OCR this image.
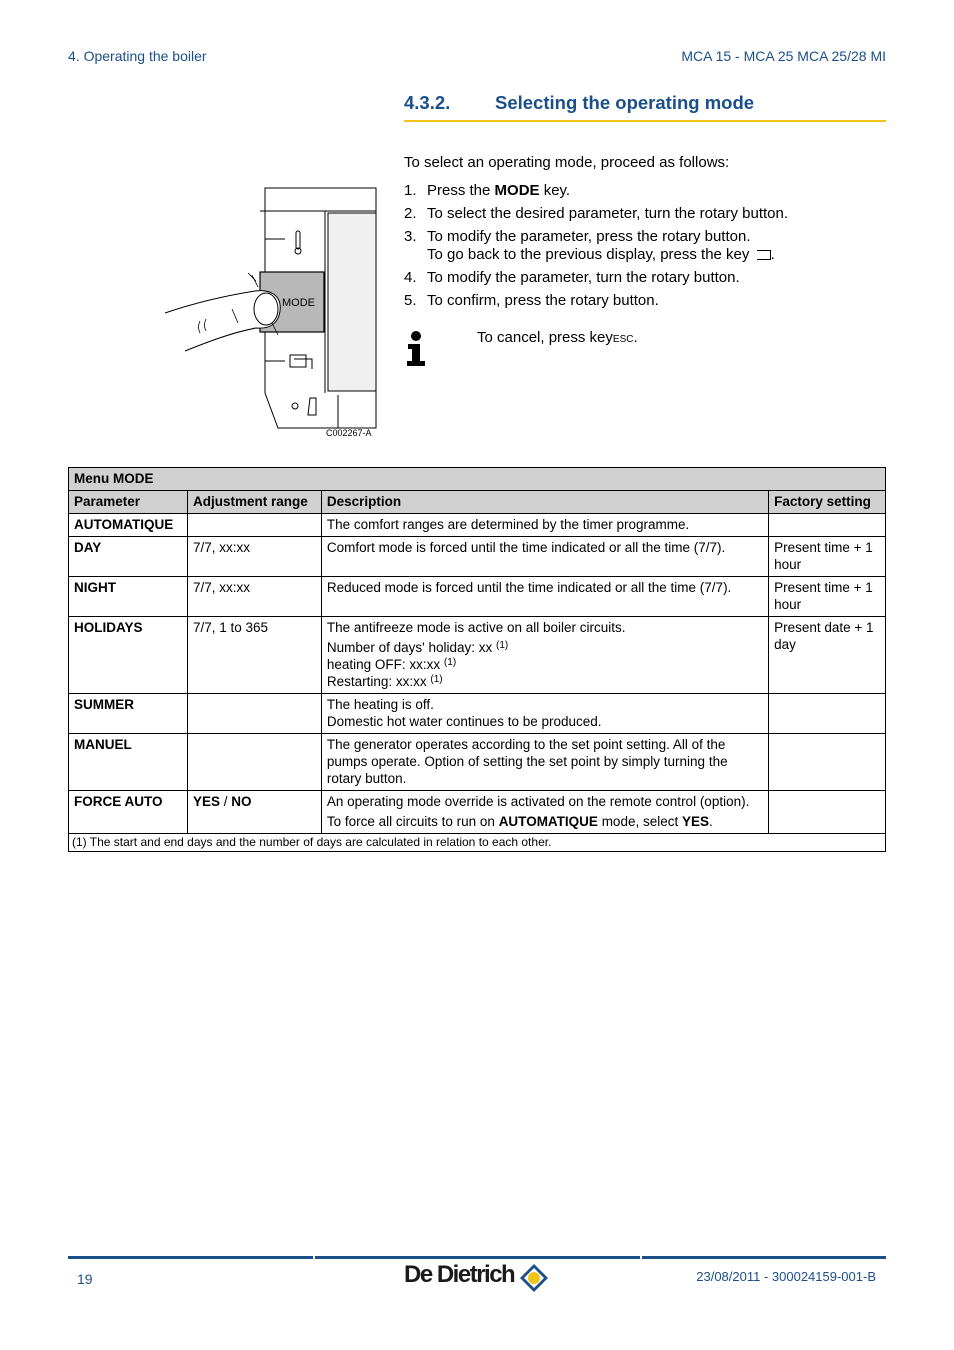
4. Operating the boiler	MCA 15 - MCA 25 MCA 25/28 MI
4.3.2. Selecting the operating mode
MODE
C002267-A
To select an operating mode, proceed as follows:
1. Press the MODE key.
2. To select the desired parameter, turn the rotary button.
3. To modify the parameter, press the rotary button.
To go back to the previous display, press the key .
4. To modify the parameter, turn the rotary button.
5. To confirm, press the rotary button.
To cancel, press keyESC.
Menu MODE			
Parameter	Adjustment range	Description	Factory setting
AUTOMATIQUE		The comfort ranges are determined by the timer programme.	
DAY	7/7, xx:xx	Comfort mode is forced until the time indicated or all the time (7/7).	Present time + 1 hour
NIGHT	7/7, xx:xx	Reduced mode is forced until the time indicated or all the time (7/7).	Present time + 1 hour
HOLIDAYS	7/7, 1 to 365	The antifreeze mode is active on all boiler circuits.
Number of days' holiday: xx $^{(1)}$
heating OFF: xx:xx $^{(1)}$
Restarting: xx:xx $^{(1)}$	Present date + 1 day
SUMMER		The heating is off.
Domestic hot water continues to be produced.	

MANUEL		The generator operates according to the set point setting. All of the pumps operate. Option of setting the set point by simply turning the rotary button.	
FORCE AUTO	YES / NO	An operating mode override is activated on the remote control (option).
To force all circuits to run on AUTOMATIQUE mode, select YES.	

(1) The start and end days and the number of days are calculated in relation to each other.			
19	De Dietrich	23/08/2011 - 300024159-001-B
